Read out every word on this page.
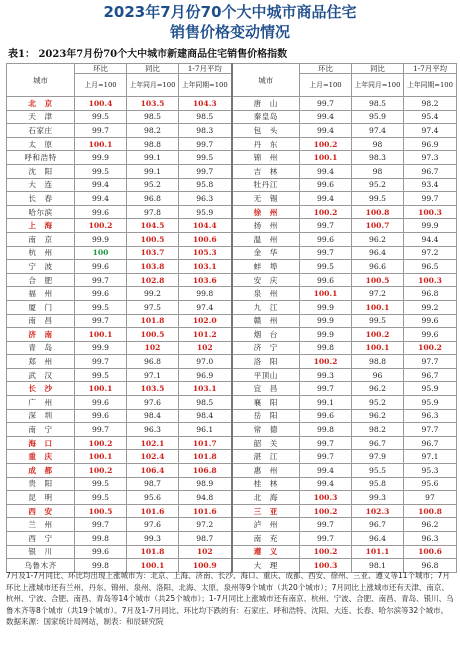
2023年7月份70个大中城市商品住宅
销售价格变动情况
表1： 2023年7月份70个大中城市新建商品住宅销售价格指数
城市	环比	同比	1-7月平均	城市	环比	同比	1-7月平均
	上月=100	上年同月=100	上年同期=100		上月=100	上年同月=100	上年同期=100
北　京	100.4	103.5	104.3	唐　山	99.7	98.5	98.2
天　津	99.5	98.5	98.5	秦皇岛	99.4	95.9	95.4
石家庄	99.7	98.2	98.3	包　头	99.4	97.4	97.4
太　原	100.1	98.8	99.7	丹　东	100.2	98	96.9
呼和浩特	99.9	99.1	99.5	锦　州	100.1	98.3	97.3
沈　阳	99.5	99.1	99.7	吉　林	99.4	98	96.7
大　连	99.4	95.2	95.8	牡丹江	99.6	95.2	93.4
长　春	99.4	96.8	96.3	无　锡	99.4	99.5	99.7
哈尔滨	99.6	97.8	95.9	徐　州	100.2	100.8	100.3
上　海	100.2	104.5	104.4	扬　州	99.7	100.7	99.9
南　京	99.9	100.5	100.6	温　州	99.6	96.2	94.4
杭　州	100	103.7	105.3	金　华	99.7	96.4	97.2
宁　波	99.6	103.8	103.1	蚌　埠	99.5	96.6	96.5
合　肥	99.7	102.8	103.6	安　庆	99.6	100.5	100.3
福　州	99.6	99.2	99.8	泉　州	100.1	97.2	96.8
厦　门	99.5	97.5	97.4	九　江	99.9	100.1	99.2
南　昌	99.7	101.8	102.0	赣　州	99.9	99.5	99.6
济　南	100.1	100.5	101.2	烟　台	99.9	100.2	99.6
青　岛	99.9	102	102	济　宁	99.8	100.1	100.2
郑　州	99.7	96.8	97.0	洛　阳	100.2	98.8	97.7
武　汉	99.5	97.1	96.9	平顶山	99.3	96	96.7
长　沙	100.1	103.5	103.1	宜　昌	99.7	96.2	95.9
广　州	99.6	97.6	98.5	襄　阳	99.1	95.2	95.9
深　圳	99.6	98.4	98.4	岳　阳	99.6	96.2	96.3
南　宁	99.7	96.3	96.1	常　德	99.8	98.2	97.7
海　口	100.2	102.1	101.7	韶　关	99.7	96.7	96.7
重　庆	100.1	102.4	101.8	湛　江	99.7	97.9	97.1
成　都	100.2	106.4	106.8	惠　州	99.4	95.5	95.3
贵　阳	99.5	98.7	98.9	桂　林	99.4	95.8	95.6
昆　明	99.5	95.6	94.8	北　海	100.3	99.3	97
西　安	100.5	101.6	101.6	三　亚	100.2	102.3	100.8
兰　州	99.7	97.6	97.2	泸　州	99.7	96.7	96.2
西　宁	99.8	99.3	98.7	南　充	99.7	96.4	96.3
银　川	99.6	101.8	102	遵　义	100.2	101.1	100.6
乌鲁木齐	99.8	100.1	100.9	大　理	100.3	98.1	96.8
7月及1-7月同比、环比均出现上涨城市为：北京、上海、济南、长沙、海口、重庆、成都、西安、徐州、三亚、遵义等11个城市；7月环比上涨城市还有兰州、丹东、锦州、泉州、洛阳、北海、太原、泉州等9个城市（共20个城市）；7月同比上涨城市还有天津、南京、杭州、宁波、合肥、南昌、青岛等14个城市（共25个城市）；1-7月同比上涨城市还有南京、杭州、宁波、合肥、南昌、青岛、银川、乌鲁木齐等8个城市（共19个城市）。7月及1-7月同比、环比均下跌的有：石家庄、呼和浩特、沈阳、大连、长春、哈尔滨等32个城市。数据来源：国家统计局网站，制表：和辰研究院
